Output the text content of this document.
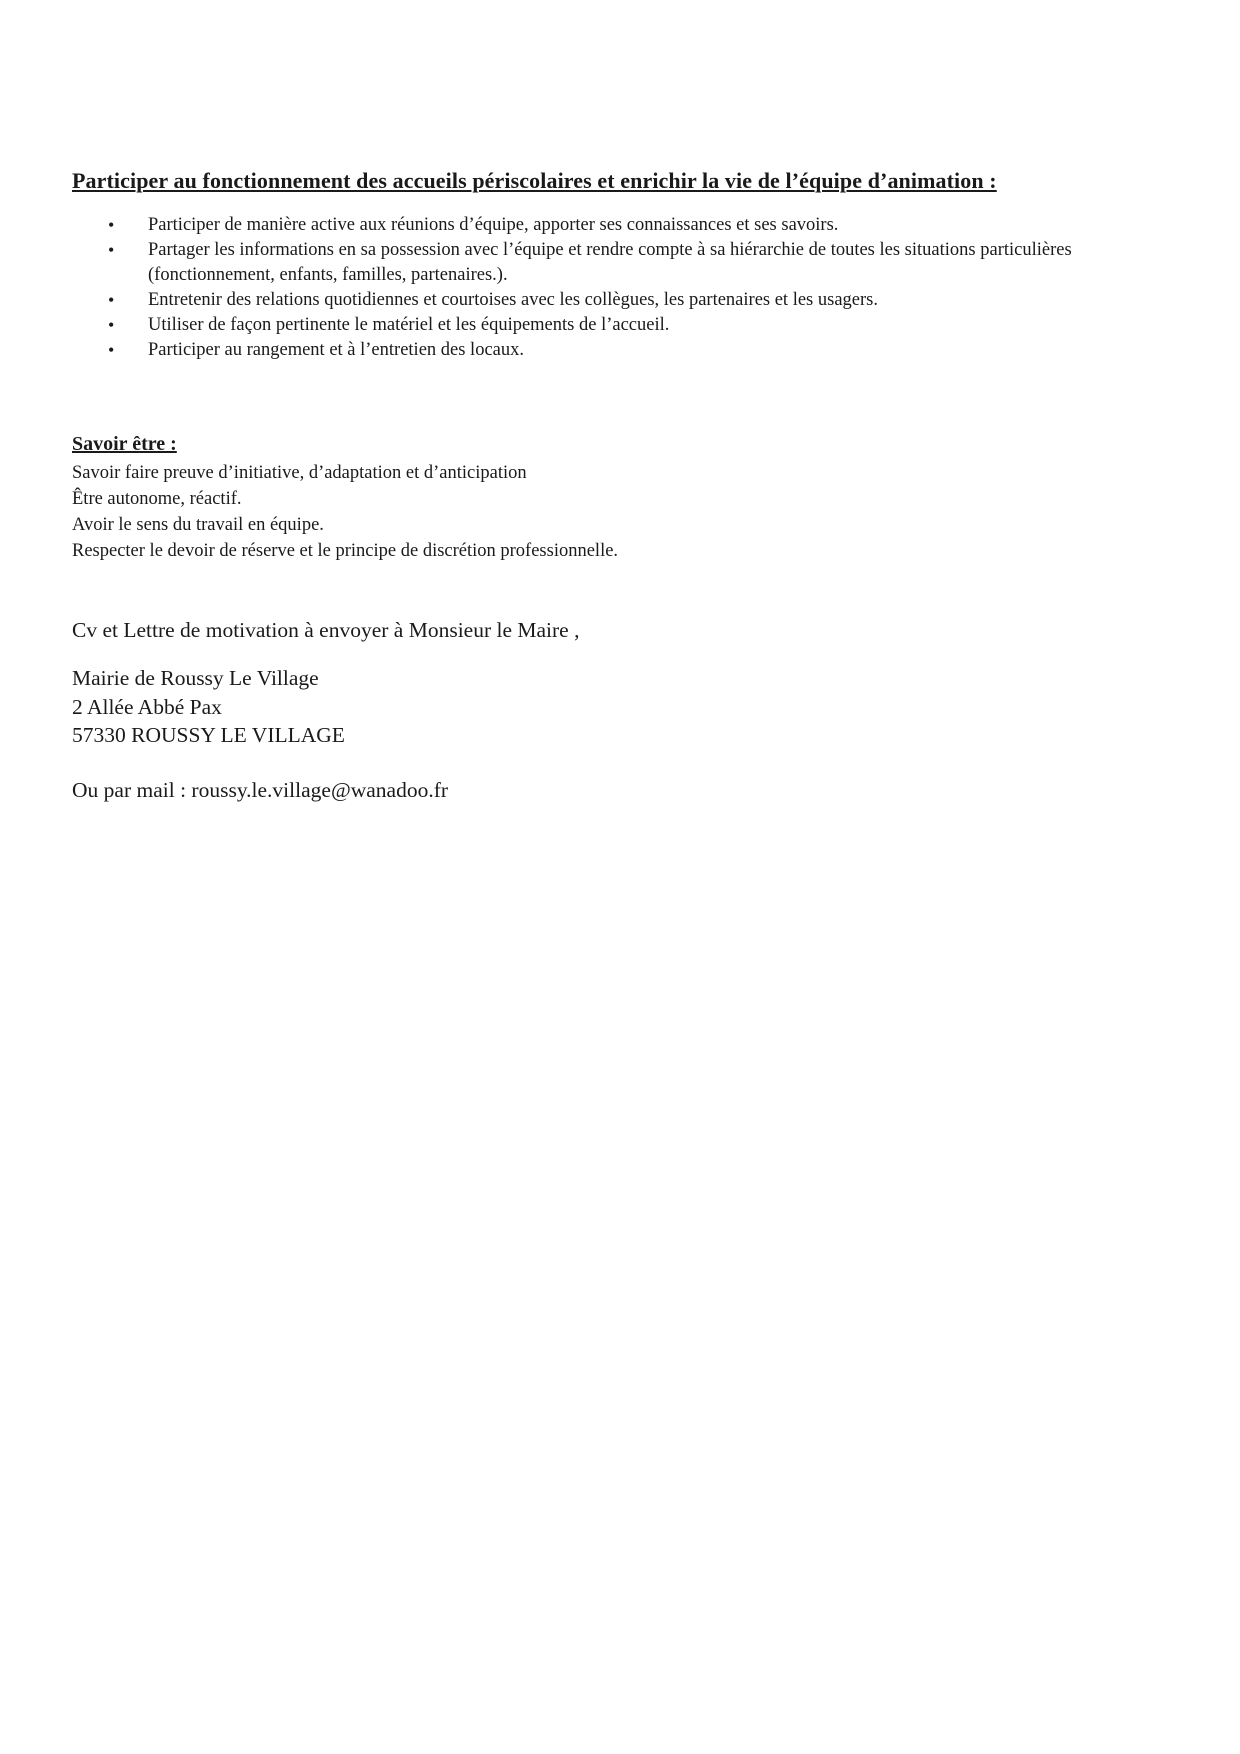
Participer au fonctionnement des accueils périscolaires et enrichir la vie de l’équipe d’animation :
• Participer de manière active aux réunions d’équipe, apporter ses connaissances et ses savoirs.
• Partager les informations en sa possession avec l’équipe et rendre compte à sa hiérarchie de toutes les situations particulières (fonctionnement, enfants, familles, partenaires.).
• Entretenir des relations quotidiennes et courtoises avec les collègues, les partenaires et les usagers.
• Utiliser de façon pertinente le matériel et les équipements de l’accueil.
• Participer au rangement et à l’entretien des locaux.
Savoir être :
Savoir faire preuve d’initiative, d’adaptation et d’anticipation
Être autonome, réactif.
Avoir le sens du travail en équipe.
Respecter le devoir de réserve et le principe de discrétion professionnelle.
Cv et Lettre de motivation à envoyer à Monsieur le Maire ,
Mairie de Roussy Le Village
2 Allée Abbé Pax
57330 ROUSSY LE VILLAGE
Ou par mail : roussy.le.village@wanadoo.fr
